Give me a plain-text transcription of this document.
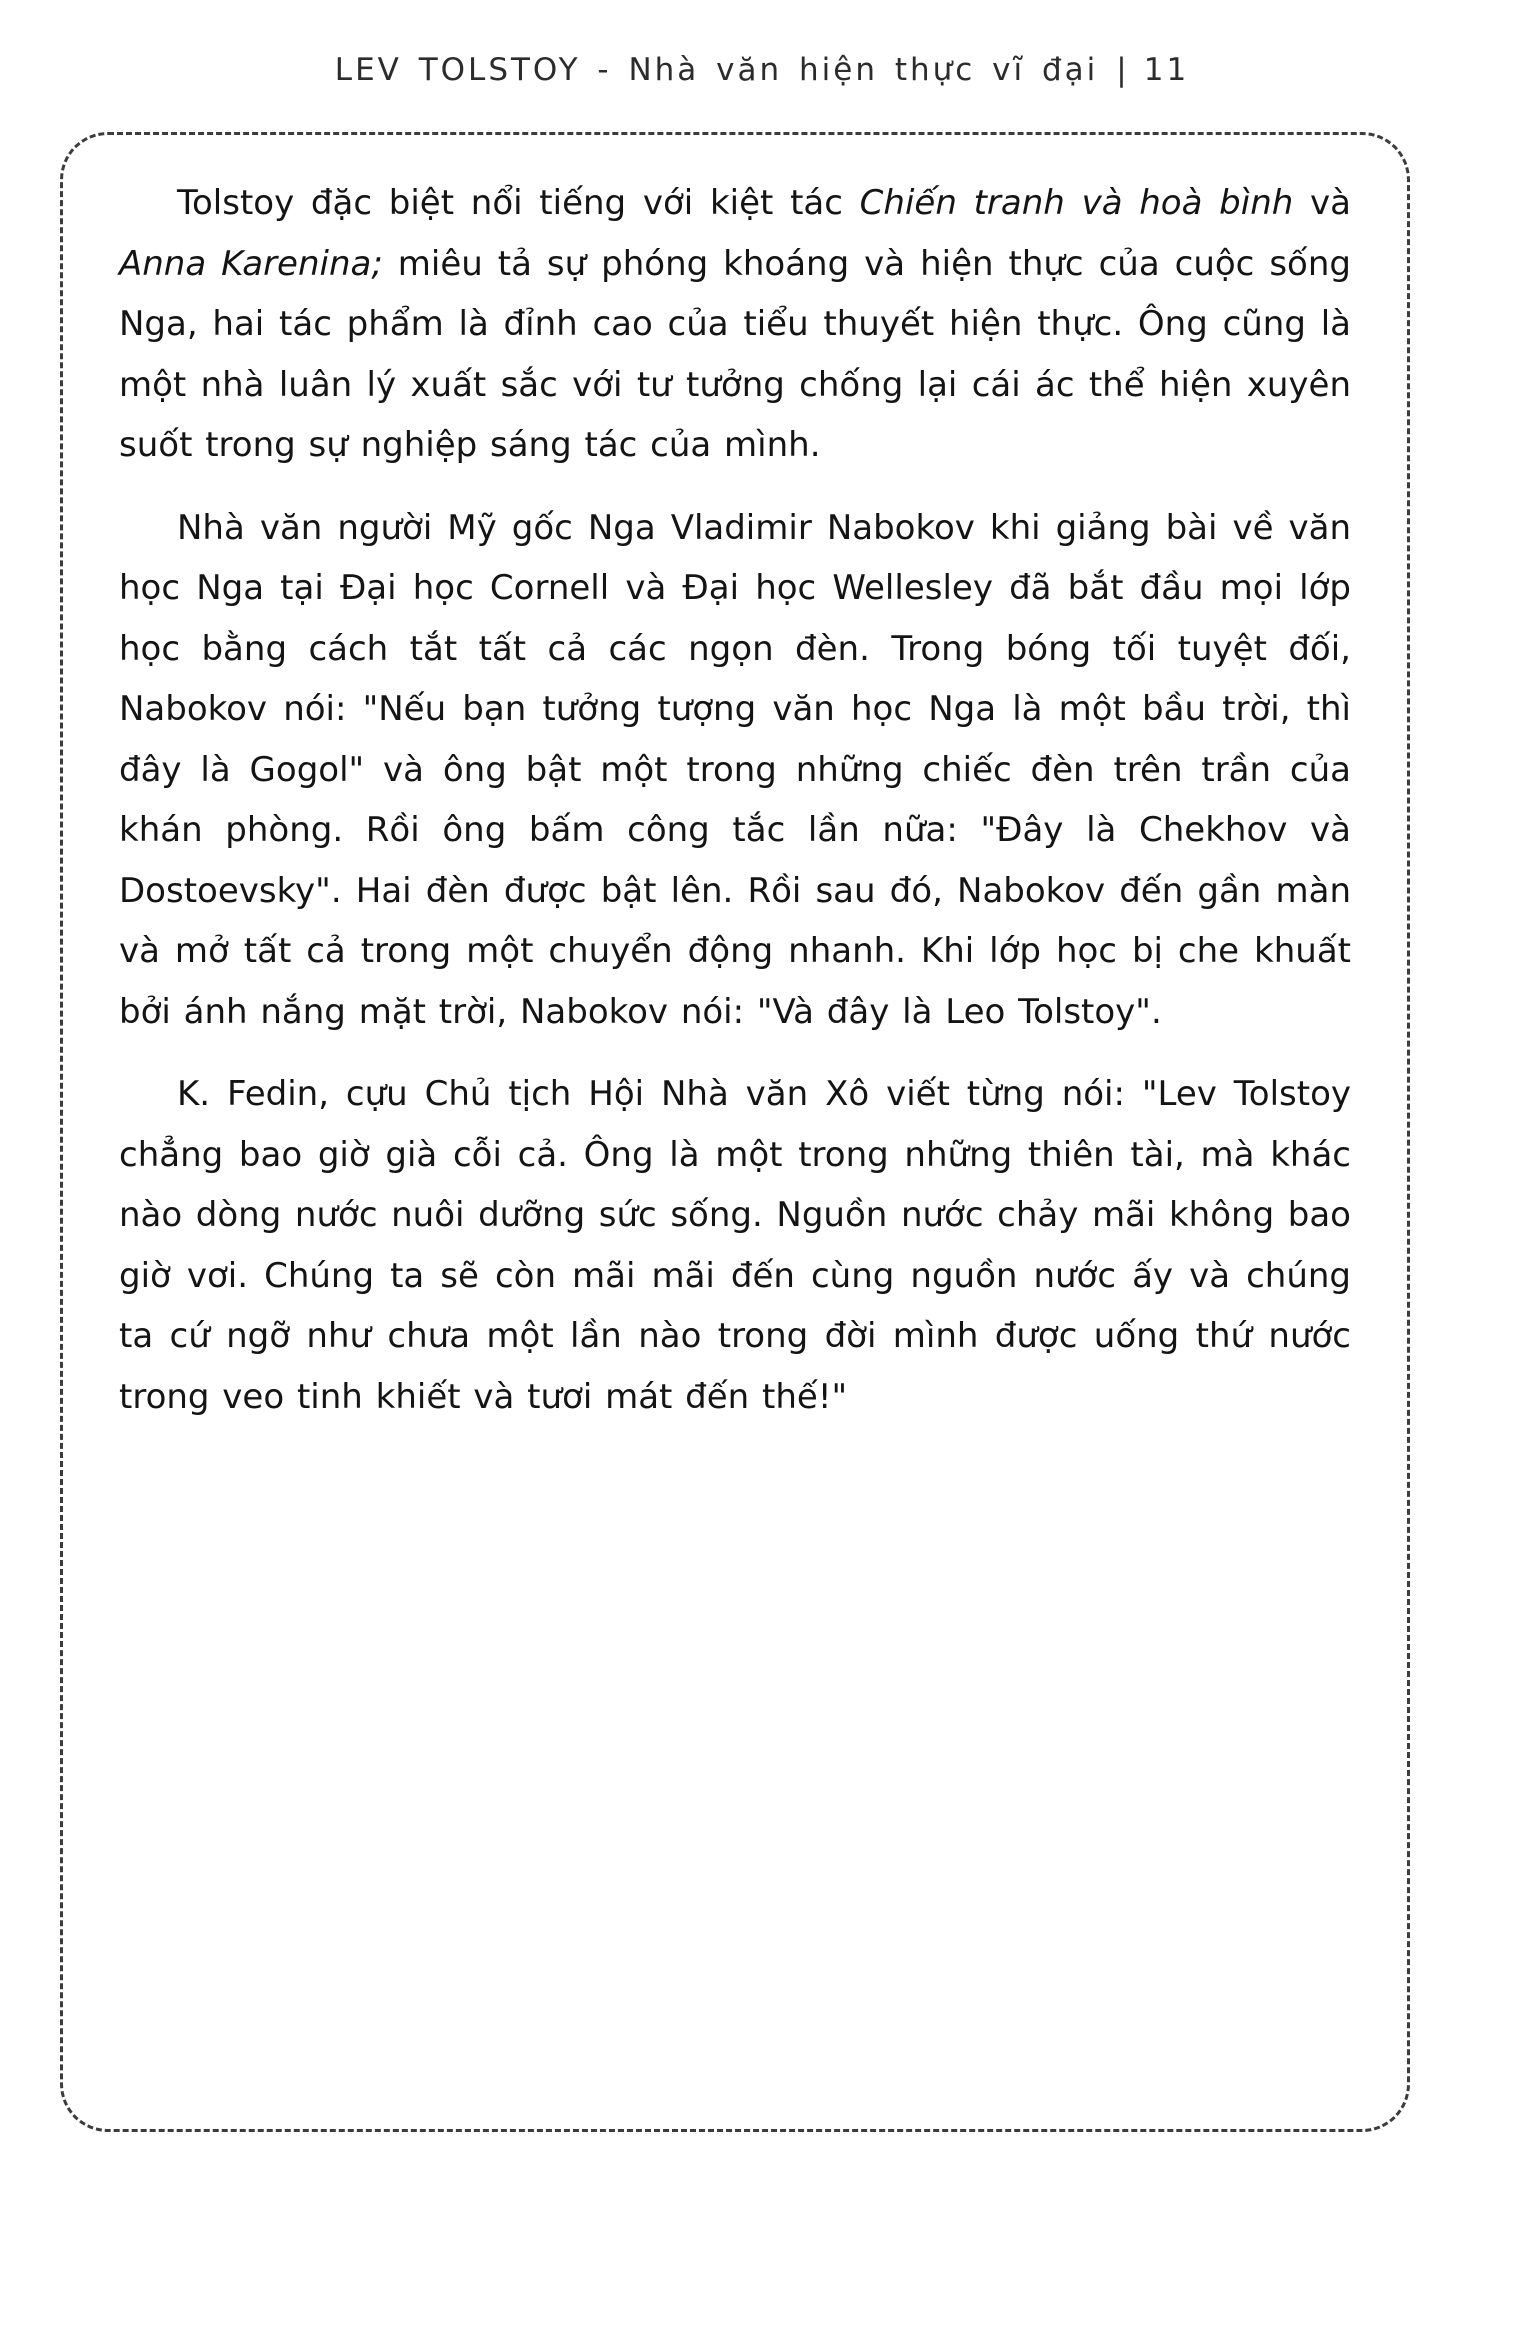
LEV TOLSTOY - Nhà văn hiện thực vĩ đại | 11

Tolstoy đặc biệt nổi tiếng với kiệt tác Chiến tranh và hoà bình và Anna Karenina; miêu tả sự phóng khoáng và hiện thực của cuộc sống Nga, hai tác phẩm là đỉnh cao của tiểu thuyết hiện thực. Ông cũng là một nhà luân lý xuất sắc với tư tưởng chống lại cái ác thể hiện xuyên suốt trong sự nghiệp sáng tác của mình.

Nhà văn người Mỹ gốc Nga Vladimir Nabokov khi giảng bài về văn học Nga tại Đại học Cornell và Đại học Wellesley đã bắt đầu mọi lớp học bằng cách tắt tất cả các ngọn đèn. Trong bóng tối tuyệt đối, Nabokov nói: "Nếu bạn tưởng tượng văn học Nga là một bầu trời, thì đây là Gogol" và ông bật một trong những chiếc đèn trên trần của khán phòng. Rồi ông bấm công tắc lần nữa: "Đây là Chekhov và Dostoevsky". Hai đèn được bật lên. Rồi sau đó, Nabokov đến gần màn và mở tất cả trong một chuyển động nhanh. Khi lớp học bị che khuất bởi ánh nắng mặt trời, Nabokov nói: "Và đây là Leo Tolstoy".

K. Fedin, cựu Chủ tịch Hội Nhà văn Xô viết từng nói: "Lev Tolstoy chẳng bao giờ già cỗi cả. Ông là một trong những thiên tài, mà khác nào dòng nước nuôi dưỡng sức sống. Nguồn nước chảy mãi không bao giờ vơi. Chúng ta sẽ còn mãi mãi đến cùng nguồn nước ấy và chúng ta cứ ngỡ như chưa một lần nào trong đời mình được uống thứ nước trong veo tinh khiết và tươi mát đến thế!"
